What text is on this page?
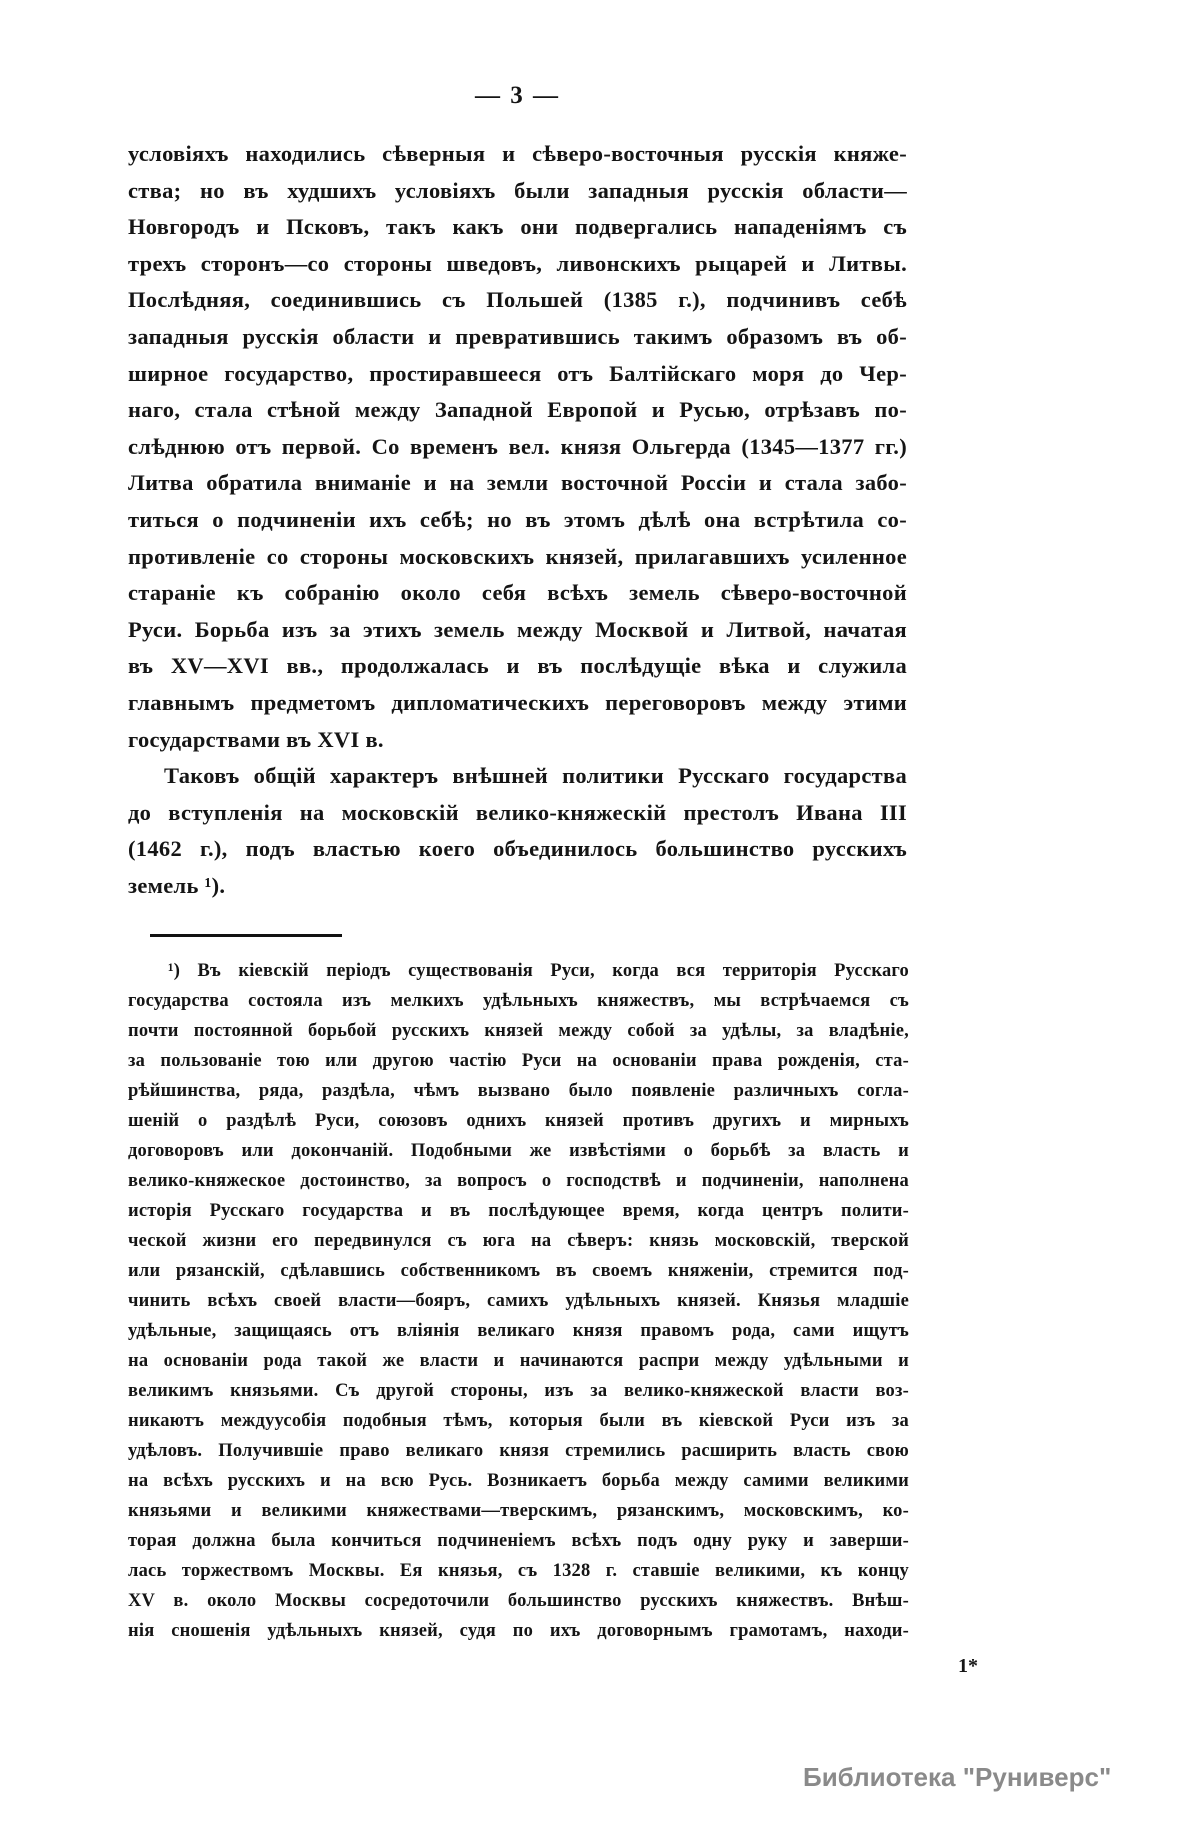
— 3 —
условіяхъ находились сѣверныя и сѣверо-восточныя русскія княже-
ства; но въ худшихъ условіяхъ были западныя русскія области—
Новгородъ и Псковъ, такъ какъ они подвергались нападеніямъ съ
трехъ сторонъ—со стороны шведовъ, ливонскихъ рыцарей и Литвы.
Послѣдняя, соединившись съ Польшей (1385 г.), подчинивъ себѣ
западныя русскія области и превратившись такимъ образомъ въ об-
ширное государство, простиравшееся отъ Балтійскаго моря до Чер-
наго, стала стѣной между Западной Европой и Русью, отрѣзавъ по-
слѣднюю отъ первой. Со временъ вел. князя Ольгерда (1345—1377 гг.)
Литва обратила вниманіе и на земли восточной Россіи и стала забо-
титься о подчиненіи ихъ себѣ; но въ этомъ дѣлѣ она встрѣтила со-
противленіе со стороны московскихъ князей, прилагавшихъ усиленное
стараніе къ собранію около себя всѣхъ земель сѣверо-восточной
Руси. Борьба изъ за этихъ земель между Москвой и Литвой, начатая
въ XV—XVI вв., продолжалась и въ послѣдущіе вѣка и служила
главнымъ предметомъ дипломатическихъ переговоровъ между этими
государствами въ XVI в.
Таковъ общій характеръ внѣшней политики Русскаго государства
до вступленія на московскій велико-княжескій престолъ Ивана III
(1462 г.), подъ властью коего объединилось большинство русскихъ
земель ¹).
¹) Въ кіевскій періодъ существованія Руси, когда вся территорія Русскаго
государства состояла изъ мелкихъ удѣльныхъ княжествъ, мы встрѣчаемся съ
почти постоянной борьбой русскихъ князей между собой за удѣлы, за владѣніе,
за пользованіе тою или другою частію Руси на основаніи права рожденія, ста-
рѣйшинства, ряда, раздѣла, чѣмъ вызвано было появленіе различныхъ согла-
шеній о раздѣлѣ Руси, союзовъ однихъ князей противъ другихъ и мирныхъ
договоровъ или докончаній. Подобными же извѣстіями о борьбѣ за власть и
велико-княжеское достоинство, за вопросъ о господствѣ и подчиненіи, наполнена
исторія Русскаго государства и въ послѣдующее время, когда центръ полити-
ческой жизни его передвинулся съ юга на сѣверъ: князь московскій, тверской
или рязанскій, сдѣлавшись собственникомъ въ своемъ княженіи, стремится под-
чинить всѣхъ своей власти—бояръ, самихъ удѣльныхъ князей. Князья младшіе
удѣльные, защищаясь отъ вліянія великаго князя правомъ рода, сами ищутъ
на основаніи рода такой же власти и начинаются распри между удѣльными и
великимъ князьями. Съ другой стороны, изъ за велико-княжеской власти воз-
никаютъ междуусобія подобныя тѣмъ, которыя были въ кіевской Руси изъ за
удѣловъ. Получившіе право великаго князя стремились расширить власть свою
на всѣхъ русскихъ и на всю Русь. Возникаетъ борьба между самими великими
князьями и великими княжествами—тверскимъ, рязанскимъ, московскимъ, ко-
торая должна была кончиться подчиненіемъ всѣхъ подъ одну руку и заверши-
лась торжествомъ Москвы. Ея князья, съ 1328 г. ставшіе великими, къ концу
XV в. около Москвы сосредоточили большинство русскихъ княжествъ. Внѣш-
нія сношенія удѣльныхъ князей, судя по ихъ договорнымъ грамотамъ, находи-
1*
Библиотека "Руниверс"
